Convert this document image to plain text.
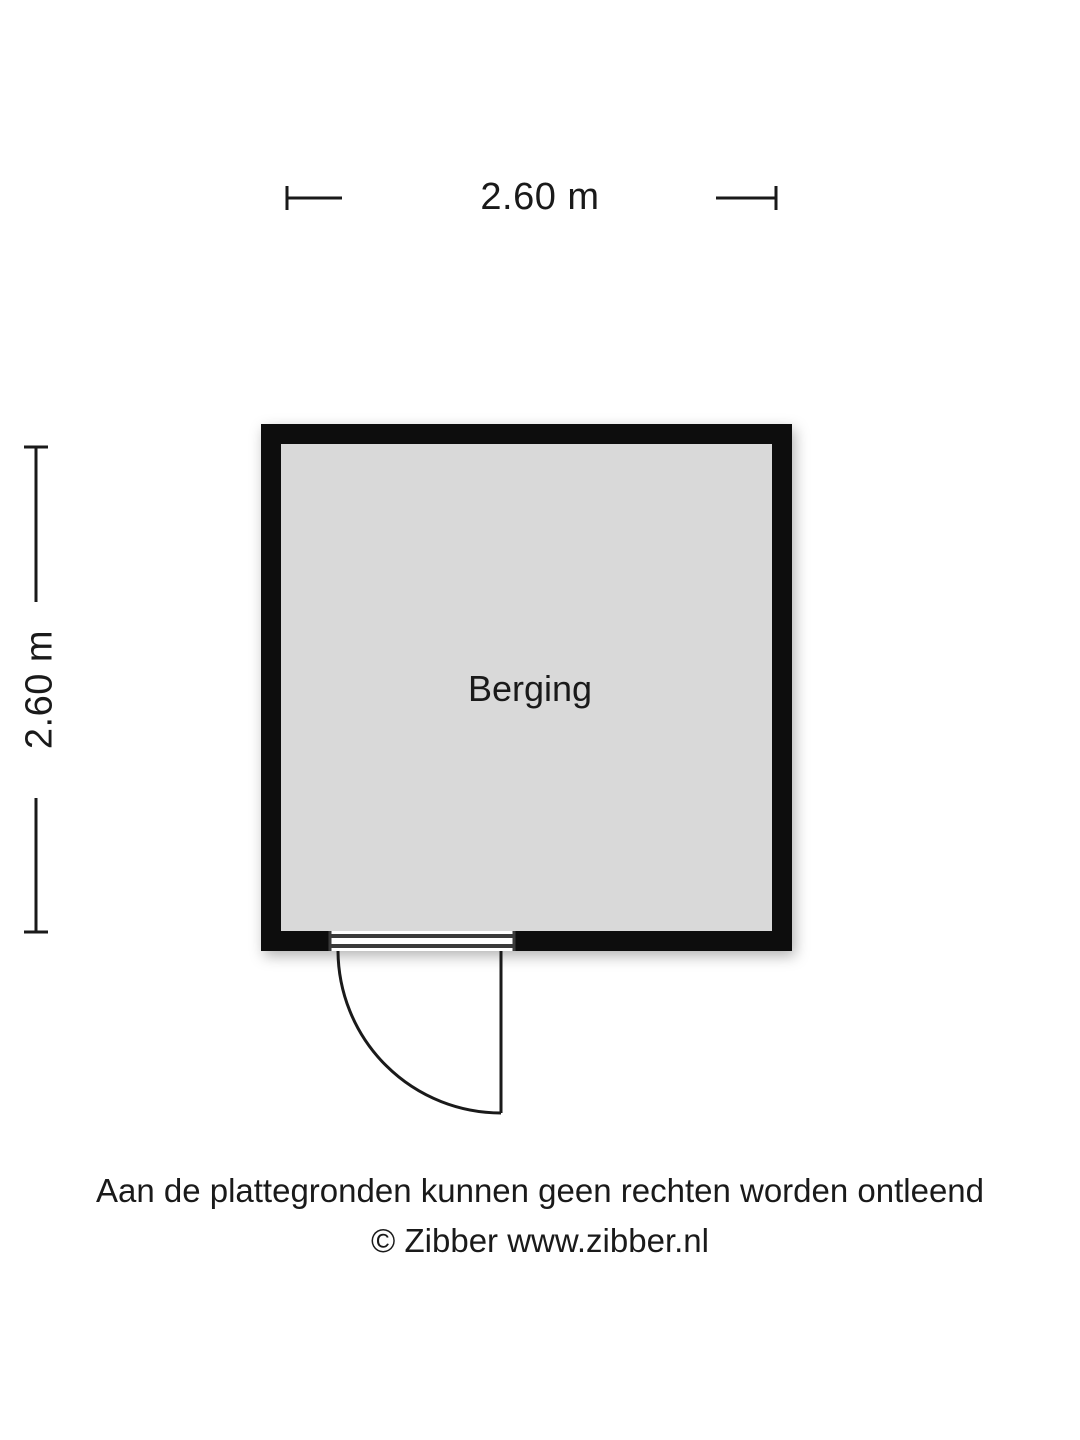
2.60 m
2.60 m	Berging
Aan de plattegronden kunnen geen rechten worden ontleend
© Zibber www.zibber.nl
